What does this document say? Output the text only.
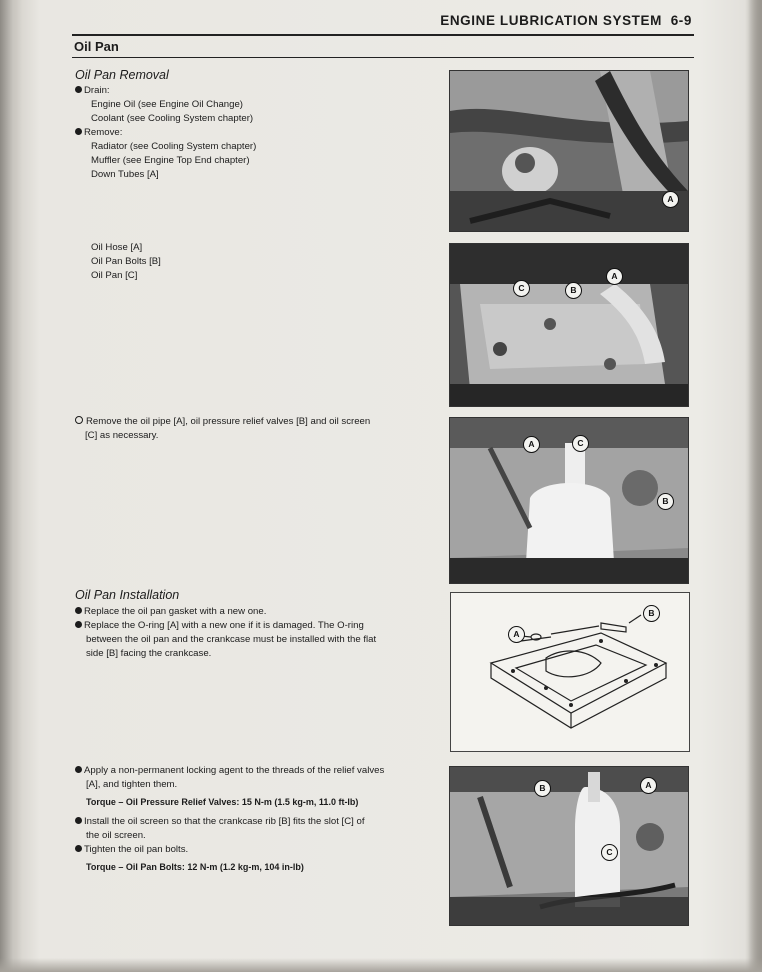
ENGINE LUBRICATION SYSTEM 6-9
Oil Pan
Oil Pan Removal
Drain:
Engine Oil (see Engine Oil Change)
Coolant (see Cooling System chapter)
Remove:
Radiator (see Cooling System chapter)
Muffler (see Engine Top End chapter)
Down Tubes [A]
Oil Hose [A]
Oil Pan Bolts [B]
Oil Pan [C]
Remove the oil pipe [A], oil pressure relief valves [B] and oil screen
[C] as necessary.
Oil Pan Installation
Replace the oil pan gasket with a new one.
Replace the O-ring [A] with a new one if it is damaged. The O-ring
between the oil pan and the crankcase must be installed with the flat
side [B] facing the crankcase.
Apply a non-permanent locking agent to the threads of the relief valves
[A], and tighten them.
Torque – Oil Pressure Relief Valves: 15 N-m (1.5 kg-m, 11.0 ft-lb)
Install the oil screen so that the crankcase rib [B] fits the slot [C] of
the oil screen.
Tighten the oil pan bolts.
Torque – Oil Pan Bolts: 12 N-m (1.2 kg-m, 104 in-lb)
A
C	B
A
A	C
B
B
A
B	A
C
